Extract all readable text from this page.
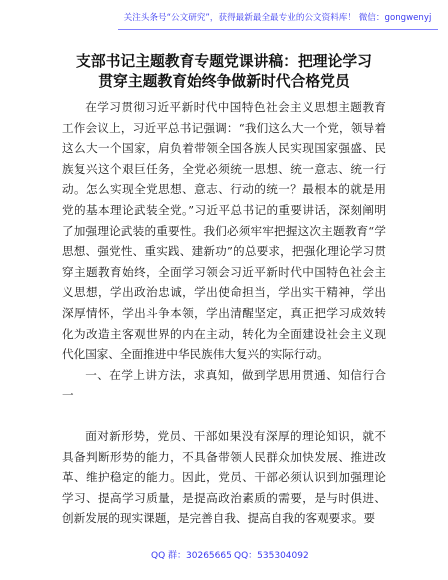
关注头条号“公文研究”，获得最新最全最专业的公文资料库！ 微信：gongwenyj
支部书记主题教育专题党课讲稿：把理论学习
贯穿主题教育始终争做新时代合格党员

在学习贯彻习近平新时代中国特色社会主义思想主题教育工作会议上，习近平总书记强调：“我们这么大一个党，领导着这么大一个国家，肩负着带领全国各族人民实现国家强盛、民族复兴这个艰巨任务，全党必须统一思想、统一意志、统一行动。怎么实现全党思想、意志、行动的统一？最根本的就是用党的基本理论武装全党。”习近平总书记的重要讲话，深刻阐明了加强理论武装的重要性。我们必须牢牢把握这次主题教育“学思想、强党性、重实践、建新功”的总要求，把强化理论学习贯穿主题教育始终，全面学习领会习近平新时代中国特色社会主义思想，学出政治忠诚，学出使命担当，学出实干精神，学出深厚情怀，学出斗争本领，学出清醒坚定，真正把学习成效转化为改造主客观世界的内在主动，转化为全面建设社会主义现代化国家、全面推进中华民族伟大复兴的实际行动。

一、在学上讲方法，求真知，做到学思用贯通、知信行合一

面对新形势，党员、干部如果没有深厚的理论知识，就不具备判断形势的能力，不具备带领人民群众加快发展、推进改革、维护稳定的能力。因此，党员、干部必须认识到加强理论学习、提高学习质量，是提高政治素质的需要，是与时俱进、创新发展的现实课题，是完善自我、提高自我的客观要求。要

QQ 群：30265665 QQ：535304092
